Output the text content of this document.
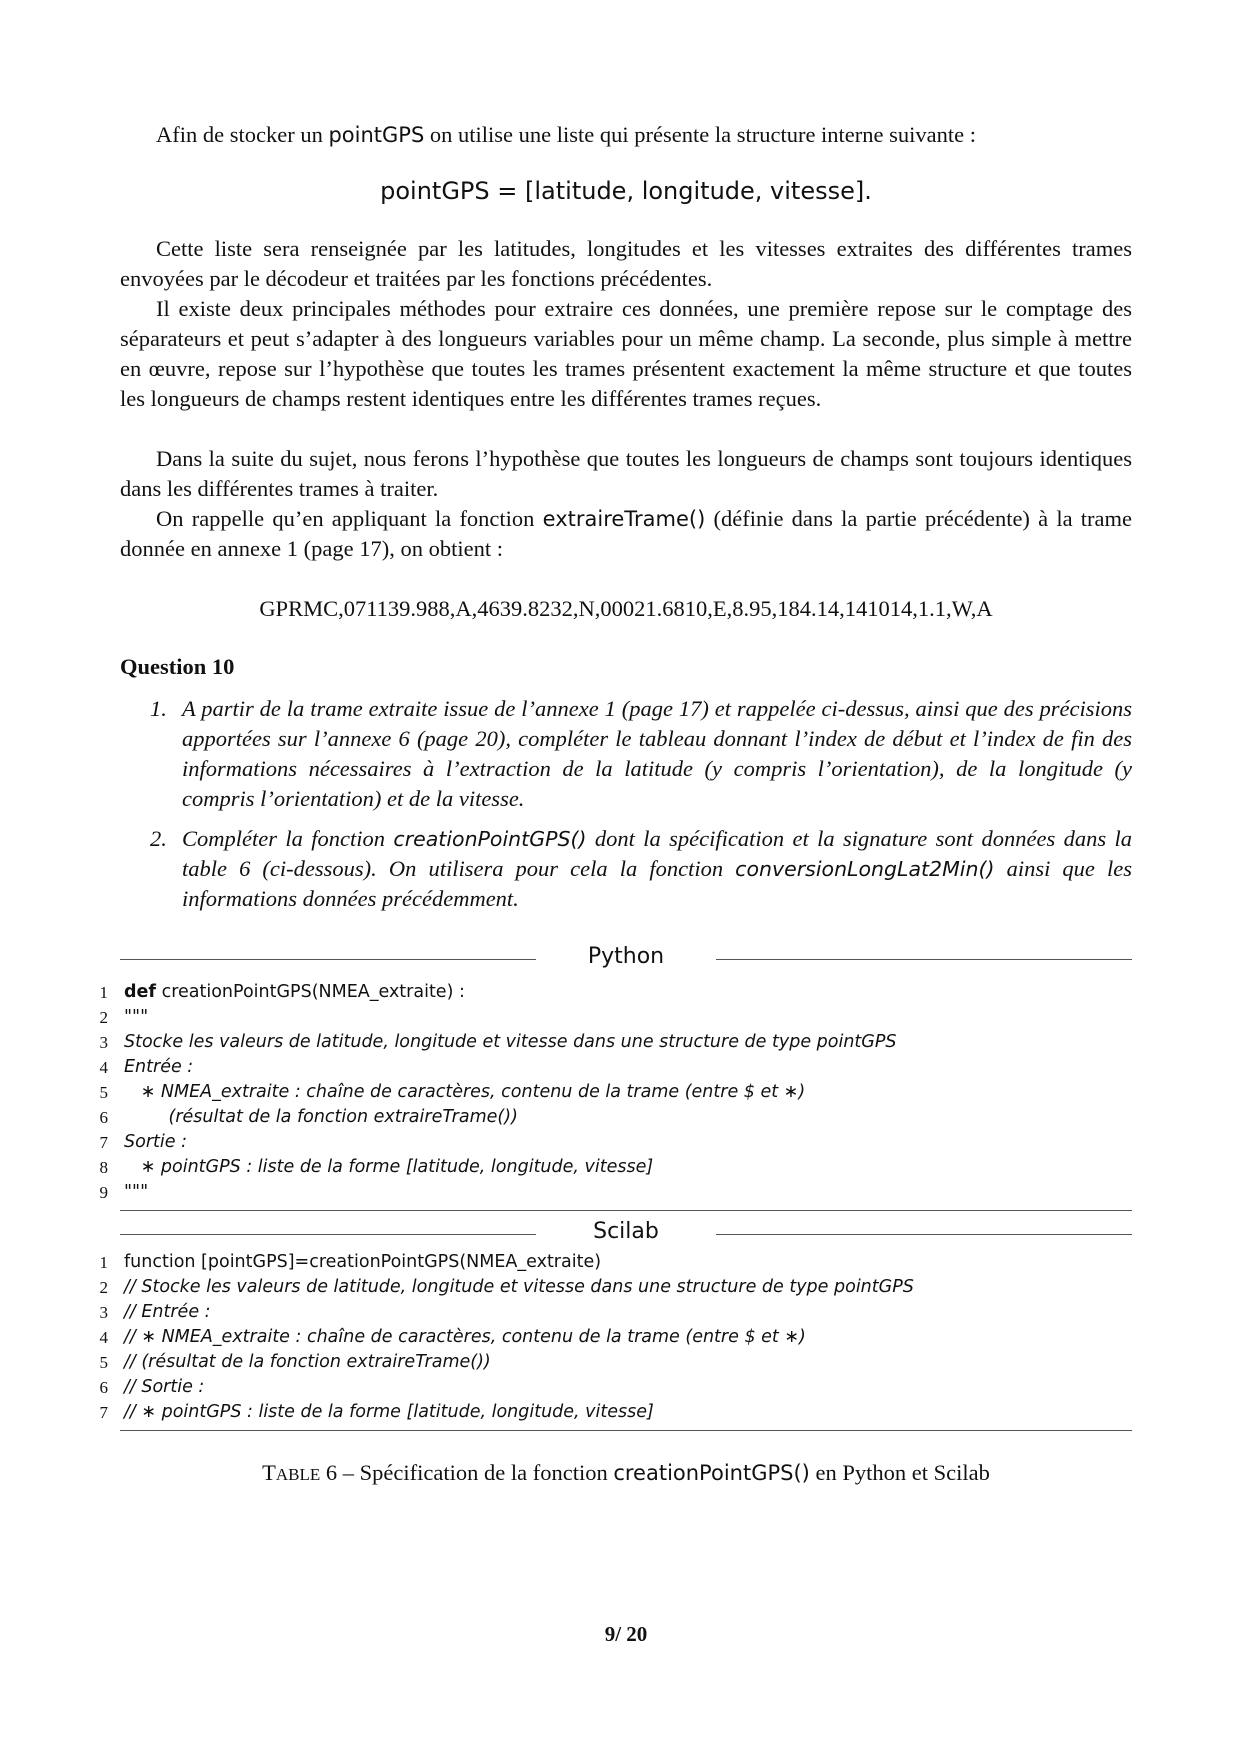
Afin de stocker un pointGPS on utilise une liste qui présente la structure interne suivante :

pointGPS = [latitude, longitude, vitesse].

Cette liste sera renseignée par les latitudes, longitudes et les vitesses extraites des différentes trames envoyées par le décodeur et traitées par les fonctions précédentes.

Il existe deux principales méthodes pour extraire ces données, une première repose sur le comptage des séparateurs et peut s’adapter à des longueurs variables pour un même champ. La seconde, plus simple à mettre en œuvre, repose sur l’hypothèse que toutes les trames présentent exactement la même structure et que toutes les longueurs de champs restent identiques entre les différentes trames reçues.

Dans la suite du sujet, nous ferons l’hypothèse que toutes les longueurs de champs sont toujours identiques dans les différentes trames à traiter.

On rappelle qu’en appliquant la fonction extraireTrame() (définie dans la partie précédente) à la trame donnée en annexe 1 (page 17), on obtient :

GPRMC,071139.988,A,4639.8232,N,00021.6810,E,8.95,184.14,141014,1.1,W,A
Question 10
1. A partir de la trame extraite issue de l’annexe 1 (page 17) et rappelée ci-dessus, ainsi que des précisions apportées sur l’annexe 6 (page 20), compléter le tableau donnant l’index de début et l’index de fin des informations nécessaires à l’extraction de la latitude (y compris l’orientation), de la longitude (y compris l’orientation) et de la vitesse.
2. Compléter la fonction creationPointGPS() dont la spécification et la signature sont données dans la table 6 (ci-dessous). On utilisera pour cela la fonction conversionLongLat2Min() ainsi que les informations données précédemment.
Python
1 def creationPointGPS(NMEA_extraite) :
2 """
3 Stocke les valeurs de latitude, longitude et vitesse dans une structure de type pointGPS
4 Entrée :
5 ∗ NMEA_extraite : chaîne de caractères, contenu de la trame (entre $ et ∗)
6 (résultat de la fonction extraireTrame())
7 Sortie :
8 ∗ pointGPS : liste de la forme [latitude, longitude, vitesse]
9 """
Scilab
1 function [pointGPS]=creationPointGPS(NMEA_extraite)
2 // Stocke les valeurs de latitude, longitude et vitesse dans une structure de type pointGPS
3 // Entrée :
4 // ∗ NMEA_extraite : chaîne de caractères, contenu de la trame (entre $ et ∗)
5 // (résultat de la fonction extraireTrame())
6 // Sortie :
7 // ∗ pointGPS : liste de la forme [latitude, longitude, vitesse]
TABLE 6 – Spécification de la fonction creationPointGPS() en Python et Scilab
9/ 20
